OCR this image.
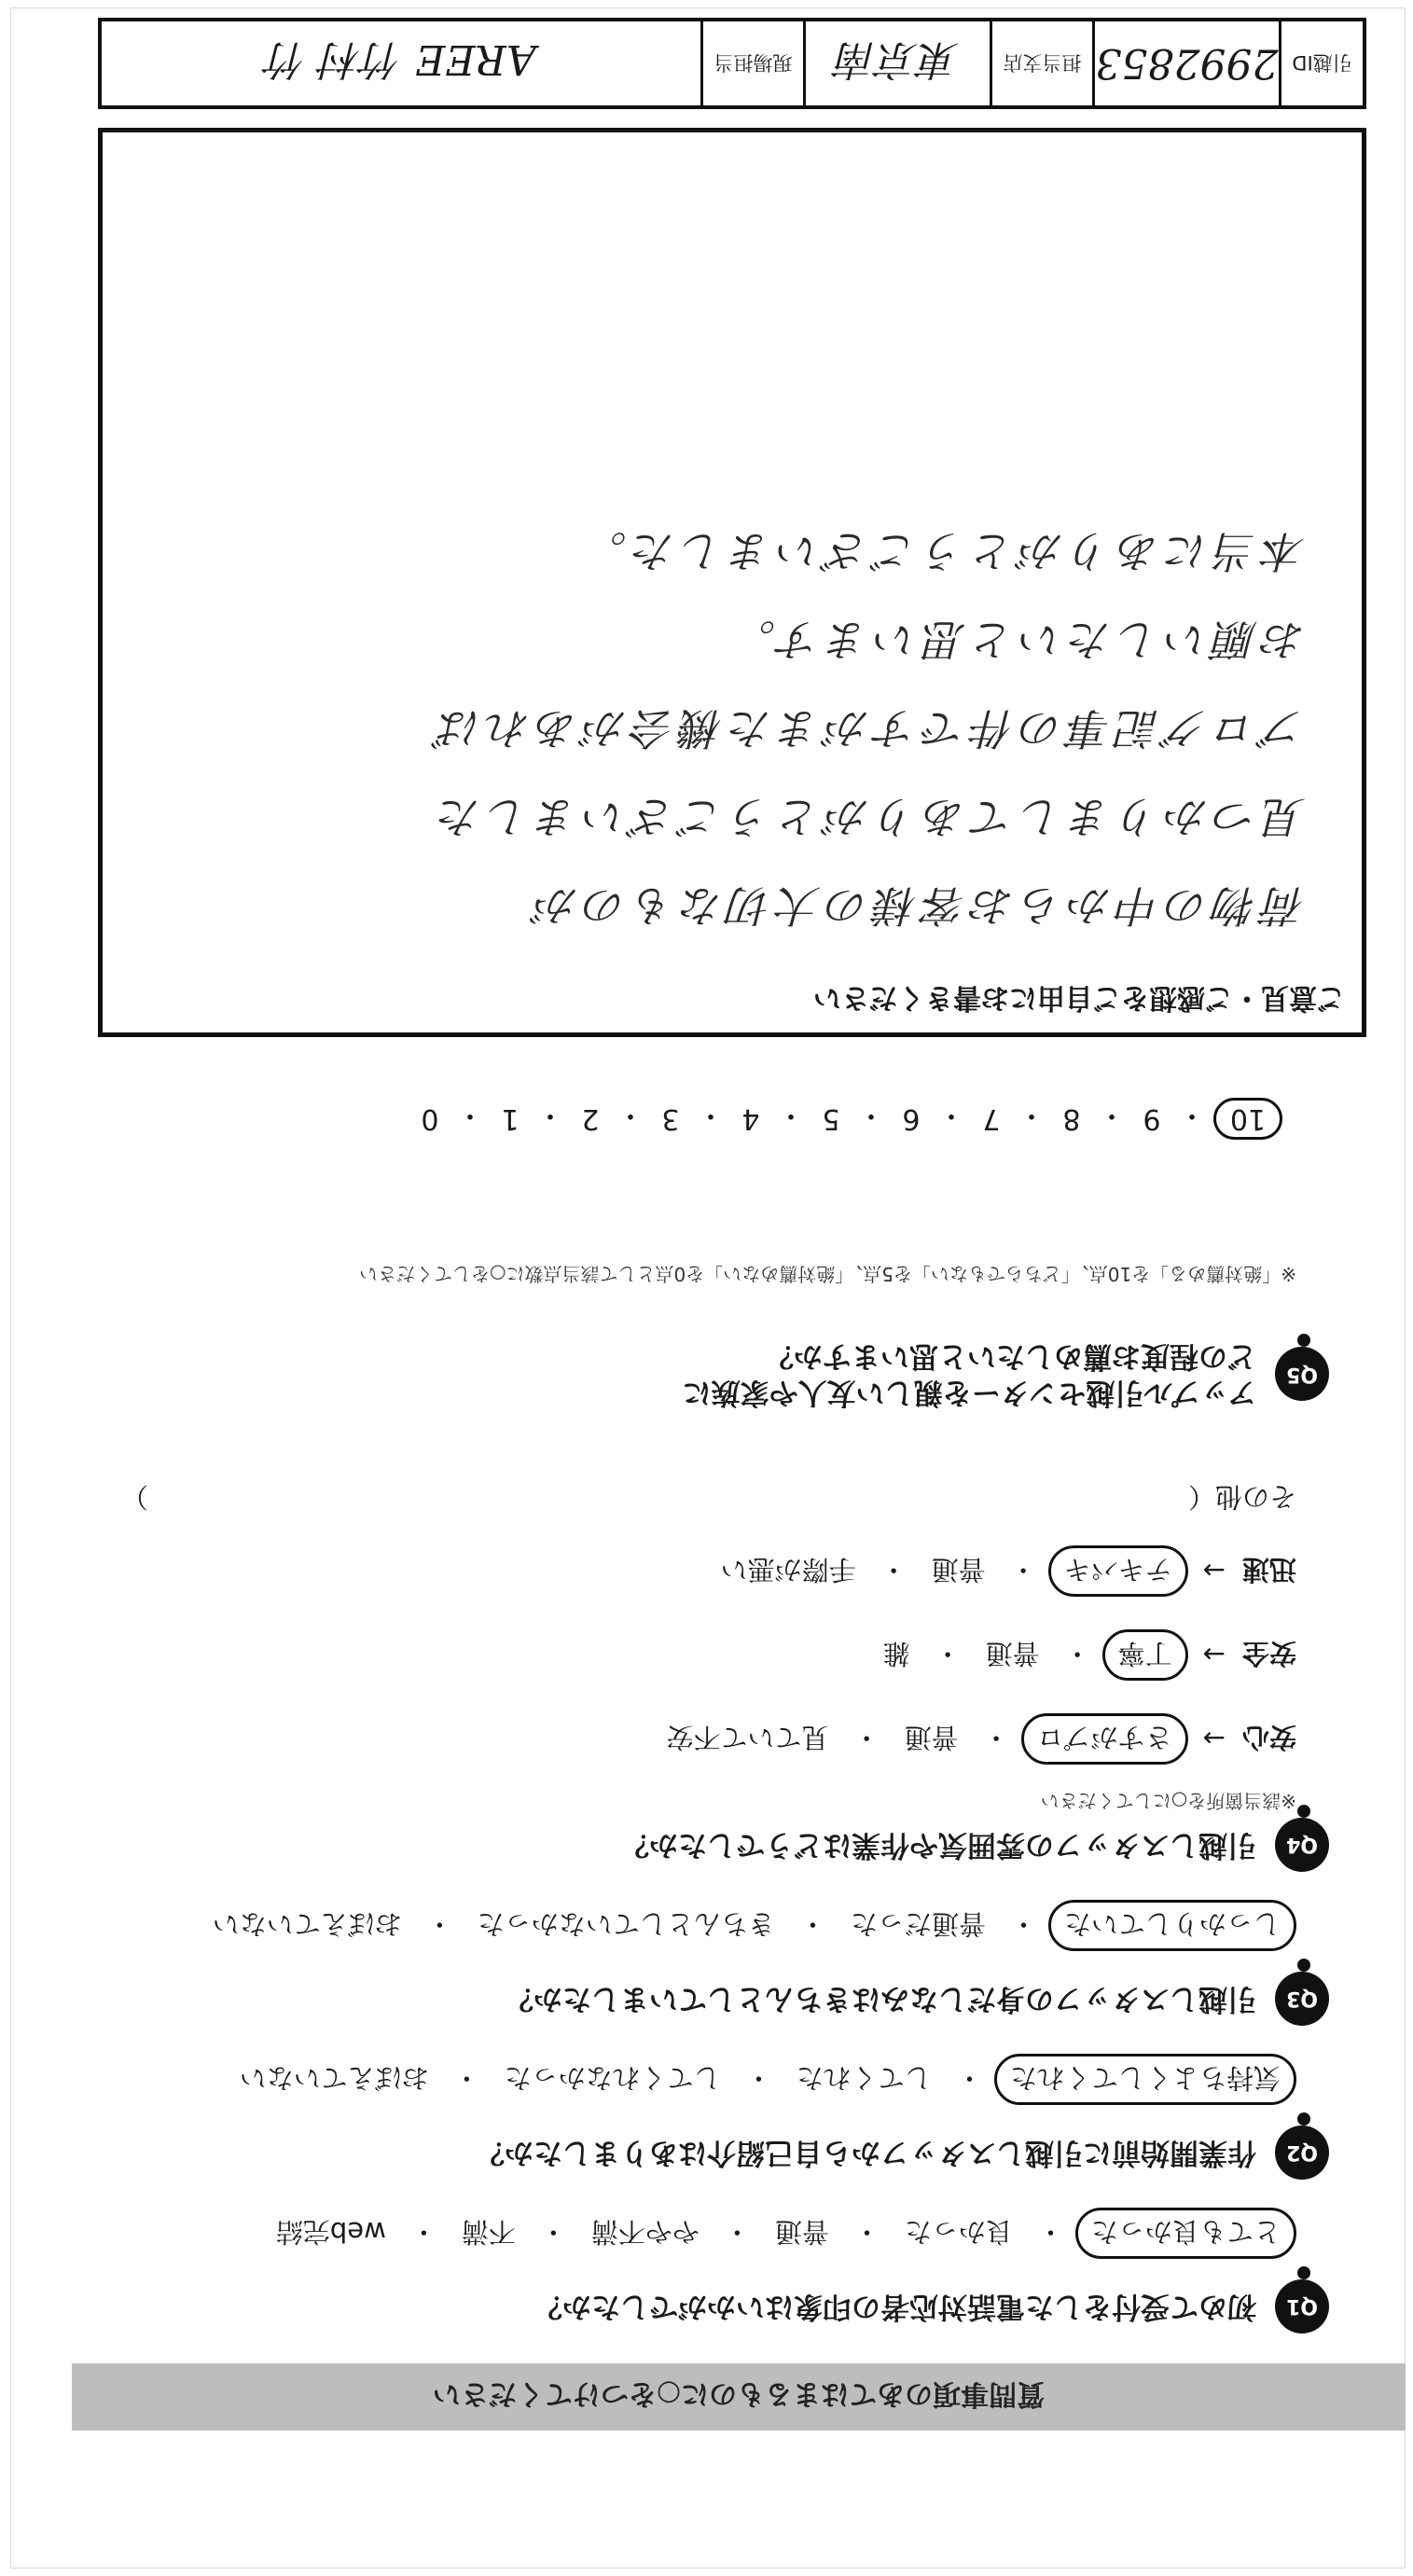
質問事項のあてはまるものに○をつけてください
Q1
初めて受付をした電話対応者の印象はいかがでしたか？
とても良かった
・
良かった
・
普通
・
やや不満
・
不満
・
web完結
Q2
作業開始前に引越しスタッフから自己紹介はありましたか？
気持ちよくしてくれた
・
してくれた
・
してくれなかった
・
おぼえていない
Q3
引越しスタッフの身だしなみはきちんとしていましたか？
しっかりしていた
・
普通だった
・
きちんとしていなかった
・
おぼえていない
Q4
引越しスタッフの雰囲気や作業はどうでしたか？
※該当箇所を○にしてください
安心
→
さすがプロ
・
普通
・
見ていて不安
安全
→
丁寧
・
普通
・
雑
迅速
→
テキパキ
・
普通
・
手際が悪い
その他（
）
Q5
アップル引越センターを親しい友人や家族に
どの程度お薦めしたいと思いますか？
※「絶対薦める」を10点、「どちらでもない」を5点、「絶対薦めない」を0点として該当点数に○をしてください
10
・
9
・
8
・
7
・
6
・
5
・
4
・
3
・
2
・
1
・
0
ご意見・ご感想をご自由にお書きください
荷物の中からお客様の大切なものが
見つかりましてありがとうございました
ブログ記事の件ですがまた機会があれば
お願いしたいと思います。
本当にありがとうございました。
引越ID
2992853
担当支店
東京南
現場担当
AREE 竹村 竹
